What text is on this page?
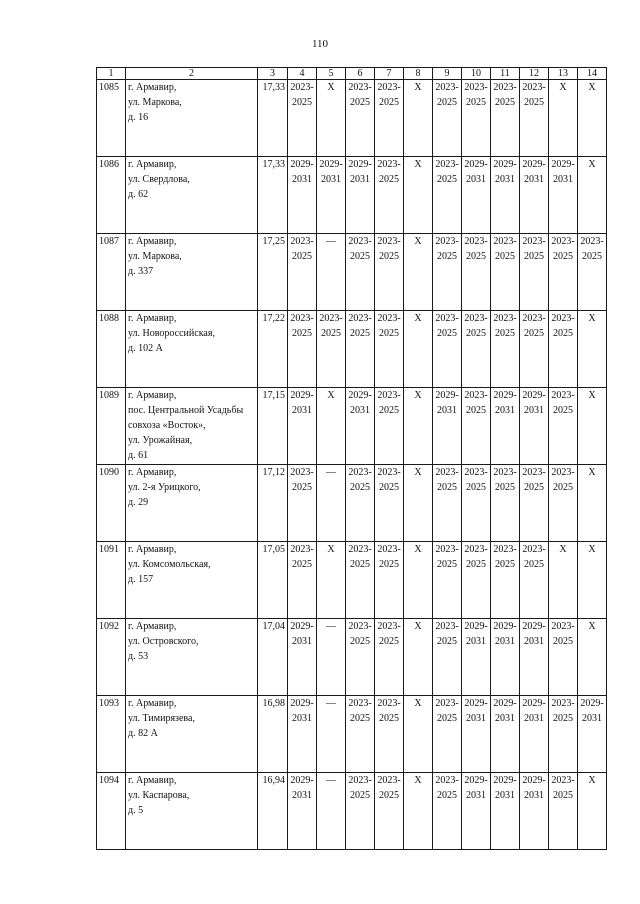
110
1	2	3	4	5	6	7	8	9	10	11	12	13	14
1085	г. Армавир,
ул. Маркова,
д. 16	17,33	2023-
2025	X	2023-
2025	2023-
2025	X	2023-
2025	2023-
2025	2023-
2025	2023-
2025	X	X

1086	г. Армавир,
ул. Свердлова,
д. 62	17,33	2029-
2031	2029-
2031	2029-
2031	2023-
2025	X	2023-
2025	2029-
2031	2029-
2031	2029-
2031	2029-
2031	X

1087	г. Армавир,
ул. Маркова,
д. 337	17,25	2023-
2025	—	2023-
2025	2023-
2025	X	2023-
2025	2023-
2025	2023-
2025	2023-
2025	2023-
2025	2023-
2025

1088	г. Армавир,
ул. Новороссийская,
д. 102 А	17,22	2023-
2025	2023-
2025	2023-
2025	2023-
2025	X	2023-
2025	2023-
2025	2023-
2025	2023-
2025	2023-
2025	X

1089	г. Армавир,
пос. Центральной Усадьбы
совхоза «Восток»,
ул. Урожайная,
д. 61	17,15	2029-
2031	X	2029-
2031	2023-
2025	X	2029-
2031	2023-
2025	2029-
2031	2029-
2031	2023-
2025	X

1090	г. Армавир,
ул. 2-я Урицкого,
д. 29	17,12	2023-
2025	—	2023-
2025	2023-
2025	X	2023-
2025	2023-
2025	2023-
2025	2023-
2025	2023-
2025	X

1091	г. Армавир,
ул. Комсомольская,
д. 157	17,05	2023-
2025	X	2023-
2025	2023-
2025	X	2023-
2025	2023-
2025	2023-
2025	2023-
2025	X	X

1092	г. Армавир,
ул. Островского,
д. 53	17,04	2029-
2031	—	2023-
2025	2023-
2025	X	2023-
2025	2029-
2031	2029-
2031	2029-
2031	2023-
2025	X

1093	г. Армавир,
ул. Тимирязева,
д. 82 А	16,98	2029-
2031	—	2023-
2025	2023-
2025	X	2023-
2025	2029-
2031	2029-
2031	2029-
2031	2023-
2025	2029-
2031

1094	г. Армавир,
ул. Каспарова,
д. 5	16,94	2029-
2031	—	2023-
2025	2023-
2025	X	2023-
2025	2029-
2031	2029-
2031	2029-
2031	2023-
2025	X
